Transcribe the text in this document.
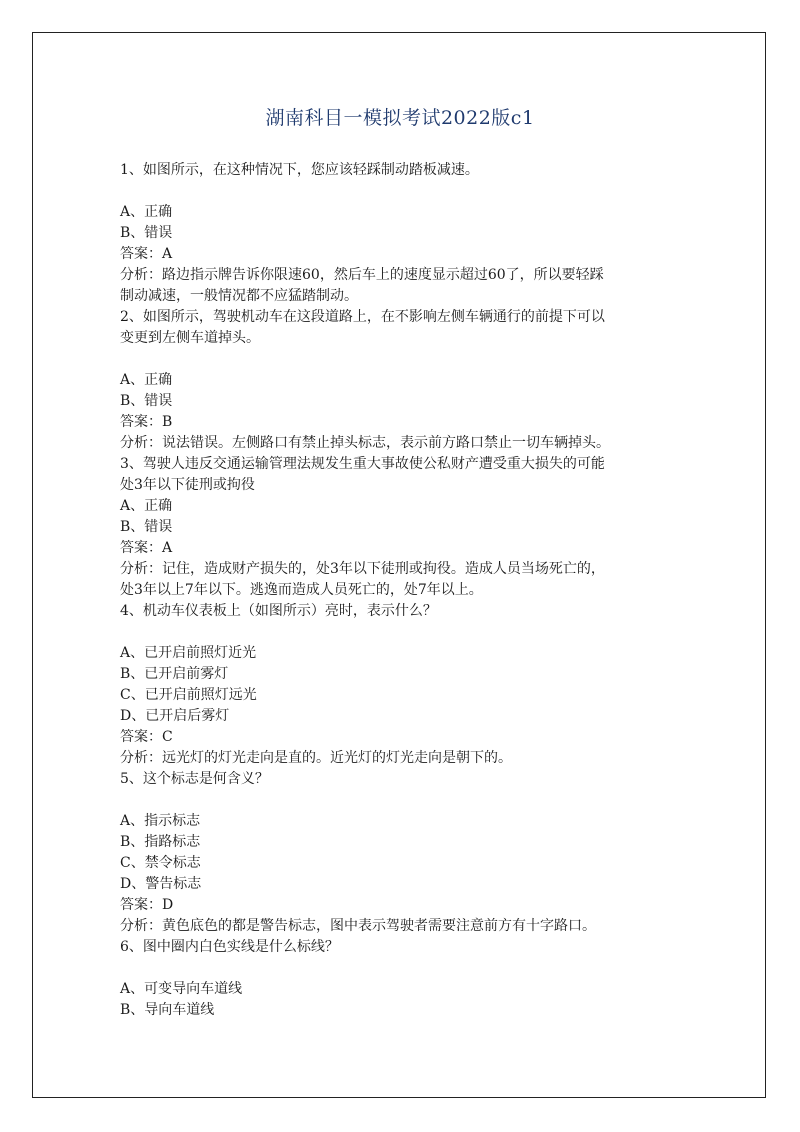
湖南科目一模拟考试2022版c1
1、如图所示，在这种情况下，您应该轻踩制动踏板减速。
A、正确
B、错误
答案：A
分析：路边指示牌告诉你限速60，然后车上的速度显示超过60了，所以要轻踩
制动减速，一般情况都不应猛踏制动。
2、如图所示，驾驶机动车在这段道路上，在不影响左侧车辆通行的前提下可以
变更到左侧车道掉头。
A、正确
B、错误
答案：B
分析：说法错误。左侧路口有禁止掉头标志，表示前方路口禁止一切车辆掉头。
3、驾驶人违反交通运输管理法规发生重大事故使公私财产遭受重大损失的可能
处3年以下徒刑或拘役
A、正确
B、错误
答案：A
分析：记住，造成财产损失的，处3年以下徒刑或拘役。造成人员当场死亡的，
处3年以上7年以下。逃逸而造成人员死亡的，处7年以上。
4、机动车仪表板上（如图所示）亮时，表示什么？
A、已开启前照灯近光
B、已开启前雾灯
C、已开启前照灯远光
D、已开启后雾灯
答案：C
分析：远光灯的灯光走向是直的。近光灯的灯光走向是朝下的。
5、这个标志是何含义？
A、指示标志
B、指路标志
C、禁令标志
D、警告标志
答案：D
分析：黄色底色的都是警告标志，图中表示驾驶者需要注意前方有十字路口。
6、图中圈内白色实线是什么标线？
A、可变导向车道线
B、导向车道线
